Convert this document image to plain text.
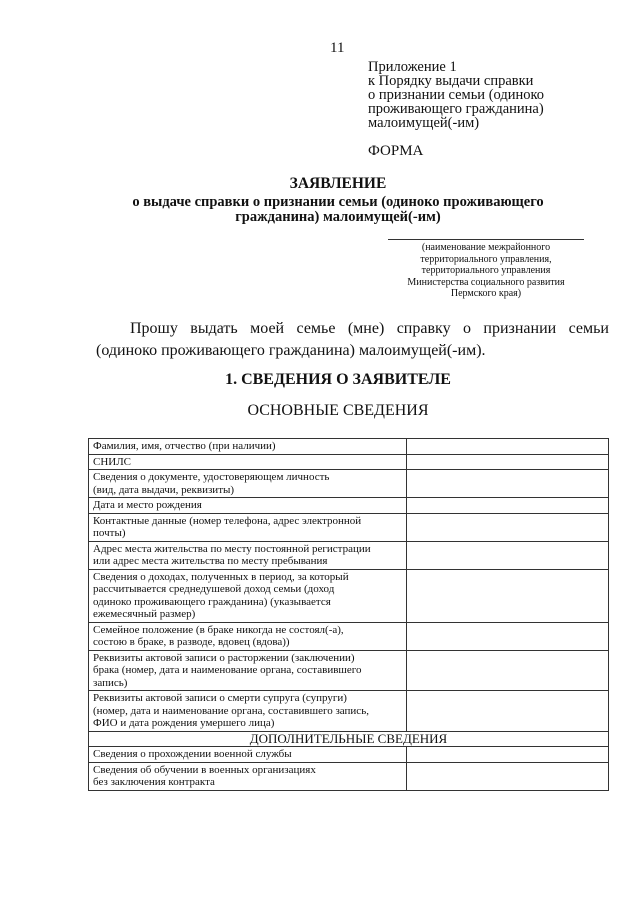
11
Приложение 1
к Порядку выдачи справки
о признании семьи (одиноко
проживающего гражданина)
малоимущей(-им)
ФОРМА
ЗАЯВЛЕНИЕ
о выдаче справки о признании семьи (одиноко проживающего
гражданина) малоимущей(-им)
(наименование межрайонного
территориального управления,
территориального управления
Министерства социального развития
Пермского края)
Прошу выдать моей семье (мне) справку о признании семьи
(одиноко проживающего гражданина) малоимущей(-им).
1. СВЕДЕНИЯ О ЗАЯВИТЕЛЕ
ОСНОВНЫЕ СВЕДЕНИЯ
Фамилия, имя, отчество (при наличии)	

СНИЛС	

Сведения о документе, удостоверяющем личность
(вид, дата выдачи, реквизиты)	

Дата и место рождения	

Контактные данные (номер телефона, адрес электронной
почты)	

Адрес места жительства по месту постоянной регистрации
или адрес места жительства по месту пребывания	

Сведения о доходах, полученных в период, за который
рассчитывается среднедушевой доход семьи (доход
одиноко проживающего гражданина) (указывается
ежемесячный размер)	

Семейное положение (в браке никогда не состоял(-а),
состою в браке, в разводе, вдовец (вдова))	

Реквизиты актовой записи о расторжении (заключении)
брака (номер, дата и наименование органа, составившего
запись)	

Реквизиты актовой записи о смерти супруга (супруги)
(номер, дата и наименование органа, составившего запись,
ФИО и дата рождения умершего лица)	

ДОПОЛНИТЕЛЬНЫЕ СВЕДЕНИЯ	

Сведения о прохождении военной службы	

Сведения об обучении в военных организациях
без заключения контракта	
